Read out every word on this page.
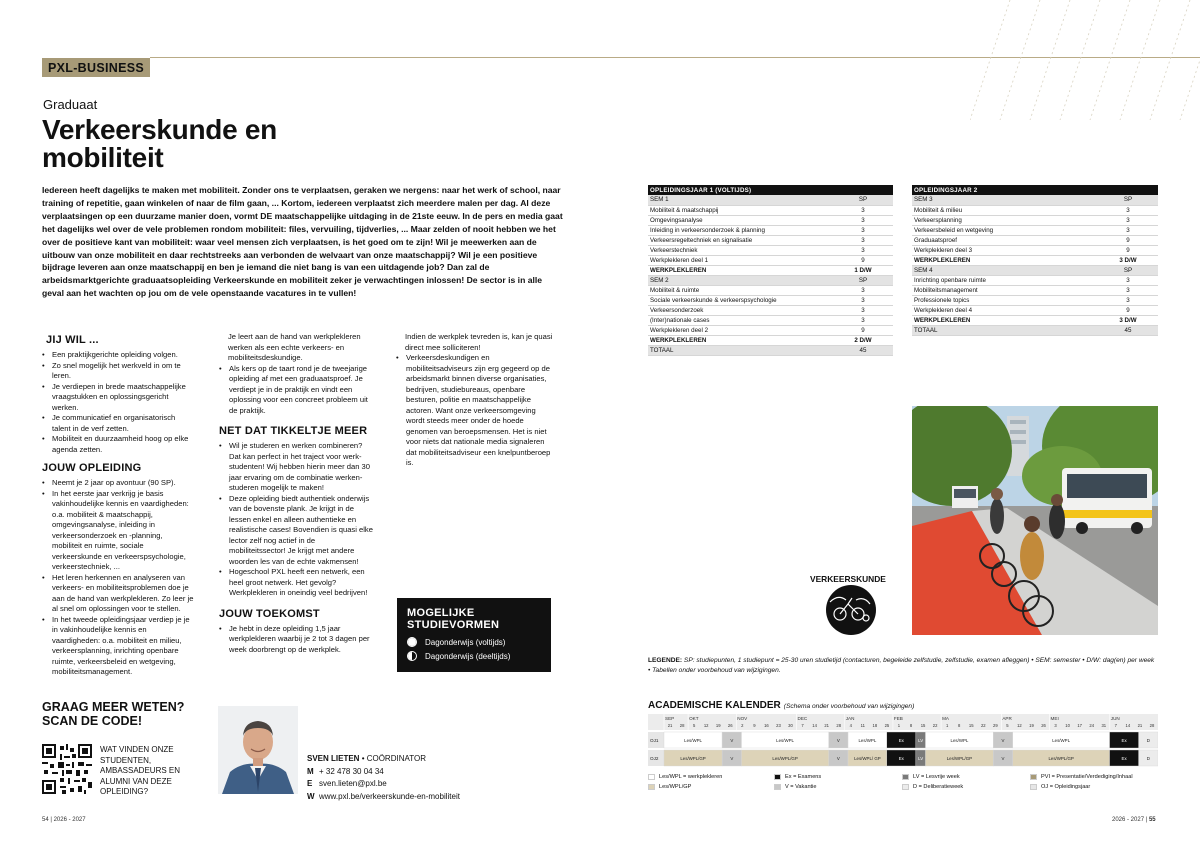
PXL-BUSINESS
Graduaat
Verkeerskunde en mobiliteit
Iedereen heeft dagelijks te maken met mobiliteit. Zonder ons te verplaatsen, geraken we nergens: naar het werk of school, naar training of repetitie, gaan winkelen of naar de film gaan, ... Kortom, iedereen verplaatst zich meerdere malen per dag. Al deze verplaatsingen op een duurzame manier doen, vormt DE maatschappelijke uitdaging in de 21ste eeuw. In de pers en media gaat het dagelijks wel over de vele problemen rondom mobiliteit: files, vervuiling, tijdverlies, ... Maar zelden of nooit hebben we het over de positieve kant van mobiliteit: waar veel mensen zich verplaatsen, is het goed om te zijn! Wil je meewerken aan de uitbouw van onze mobiliteit en daar rechtstreeks aan verbonden de welvaart van onze maatschappij? Wil je een positieve bijdrage leveren aan onze maatschappij en ben je iemand die niet bang is van een uitdagende job? Dan zal de arbeidsmarktgerichte graduaatsopleiding Verkeerskunde en mobiliteit zeker je verwachtingen inlossen! De sector is in alle geval aan het wachten op jou om de vele openstaande vacatures in te vullen!
JIJ WIL ...
• Een praktijkgerichte opleiding volgen.
• Zo snel mogelijk het werkveld in om te leren.
• Je verdiepen in brede maatschappelijke vraagstukken en oplossingsgericht werken.
• Je communicatief en organisatorisch talent in de verf zetten.
• Mobiliteit en duurzaamheid hoog op elke agenda zetten.
JOUW OPLEIDING
• Neemt je 2 jaar op avontuur (90 SP).
• In het eerste jaar verkrijg je basis vakinhoudelijke kennis en vaardigheden: o.a. mobiliteit & maatschappij, omgevingsanalyse, inleiding in verkeersonderzoek en -planning, mobiliteit en ruimte, sociale verkeerskunde en verkeerspsychologie, verkeerstechniek, ...
• Het leren herkennen en analyseren van verkeers- en mobiliteitsproblemen doe je aan de hand van werkplekleren. Zo leer je al snel om oplossingen voor te stellen.
• In het tweede opleidingsjaar verdiep je je in vakinhoudelijke kennis en vaardigheden: o.a. mobiliteit en milieu, verkeersplanning, inrichting openbare ruimte, verkeersbeleid en wetgeving, mobiliteitsmanagement.

Je leert aan de hand van werkplekleren werken als een echte verkeers- en mobiliteitsdeskundige.

• Als kers op de taart rond je de tweejarige opleiding af met een graduaatsproef. Je verdiept je in de praktijk en vindt een oplossing voor een concreet probleem uit de praktijk.
NET DAT TIKKELTJE MEER
• Wil je studeren en werken combineren? Dat kan perfect in het traject voor werk-studenten! Wij hebben hierin meer dan 30 jaar ervaring om de combinatie werken-studeren mogelijk te maken!
• Deze opleiding biedt authentiek onderwijs van de bovenste plank. Je krijgt in de lessen enkel en alleen authentieke en realistische cases! Bovendien is quasi elke lector zelf nog actief in de mobiliteitssector! Je krijgt met andere woorden les van de echte vakmensen!
• Hogeschool PXL heeft een netwerk, een heel groot netwerk. Het gevolg? Werkplekleren in oneindig veel bedrijven!
JOUW TOEKOMST
• Je hebt in deze opleiding 1,5 jaar werkplekleren waarbij je 2 tot 3 dagen per week doorbrengt op de werkplek.

Indien de werkplek tevreden is, kan je quasi direct mee solliciteren!

• Verkeersdeskundigen en mobiliteitsadviseurs zijn erg gegeerd op de arbeidsmarkt binnen diverse organisaties, bedrijven, studiebureaus, openbare besturen, politie en maatschappelijke actoren. Want onze verkeersomgeving wordt steeds meer onder de hoede genomen van beroepsmensen. Het is niet voor niets dat nationale media signaleren dat mobiliteitsadviseur een knelpuntberoep is.
MOGELIJKE STUDIEVORMEN
Dagonderwijs (voltijds)
Dagonderwijs (deeltijds)
GRAAG MEER WETEN? SCAN DE CODE!
WAT VINDEN ONZE STUDENTEN, AMBASSADEURS EN ALUMNI VAN DEZE OPLEIDING?
SVEN LIETEN • COÖRDINATOR
M + 32 478 30 04 34
E sven.lieten@pxl.be
W www.pxl.be/verkeerskunde-en-mobiliteit
54 | 2026 - 2027	2026 - 2027 | 55
OPLEIDINGSJAAR 1 (VOLTIJDS)	
SEM 1	SP
Mobiliteit & maatschappij	3
Omgevingsanalyse	3
Inleiding in verkeersonderzoek & planning	3
Verkeersregeltechniek en signalisatie	3
Verkeerstechniek	3
Werkplekleren deel 1	9
WERKPLEKLEREN	1 D/W
SEM 2	SP
Mobiliteit & ruimte	3
Sociale verkeerskunde & verkeerspsychologie	3
Verkeersonderzoek	3
(Inter)nationale cases	3
Werkplekleren deel 2	9
WERKPLEKLEREN	2 D/W
TOTAAL	45
OPLEIDINGSJAAR 2	
SEM 3	SP
Mobiliteit & milieu	3
Verkeersplanning	3
Verkeersbeleid en wetgeving	3
Graduaatsproef	9
Werkplekleren deel 3	9
WERKPLEKLEREN	3 D/W
SEM 4	SP
Inrichting openbare ruimte	3
Mobiliteitsmanagement	3
Professionele topics	3
Werkplekleren deel 4	9
WERKPLEKLEREN	3 D/W
TOTAAL	45
VERKEERSKUNDE
LEGENDE: SP: studiepunten, 1 studiepunt = 25-30 uren studietijd (contacturen, begeleide zelfstudie, zelfstudie, examen afleggen) • SEM: semester • D/W: dag(en) per week • Tabellen onder voorbehoud van wijzigingen.
ACADEMISCHE KALENDER (Schema onder voorbehoud van wijzigingen)
SEP	OKT	NOV	DEC	JAN	FEB	MA	APR	MEI	JUN
21 28 5 12 19 26 2 9 16 23 30 7 14 21 28 4 11 18 25 1 8 15 22 1 8 15 22 29 5 12 19 26 3 10 17 24 31 7 14 21 28
OJ1	Les/WPL	V	Les/WPL	V	Les/WPL	Ex	LV	Les/WPL	V	Les/WPL	Ex	D
OJ2	Les/WPL/GP	V	Les/WPL/GP	V	Les/WPL/ GP	Ex	LV	Les/WPL/GP	V	Les/WPL/GP	Ex	D
Les/WPL = werkplekleren
Les/WPL/GP
Ex = Examens
V = Vakantie
LV = Lesvrije week
D = Deliberatieweek
PVI = Presentatie/Verdediging/Inhaal
OJ = Opleidingsjaar
